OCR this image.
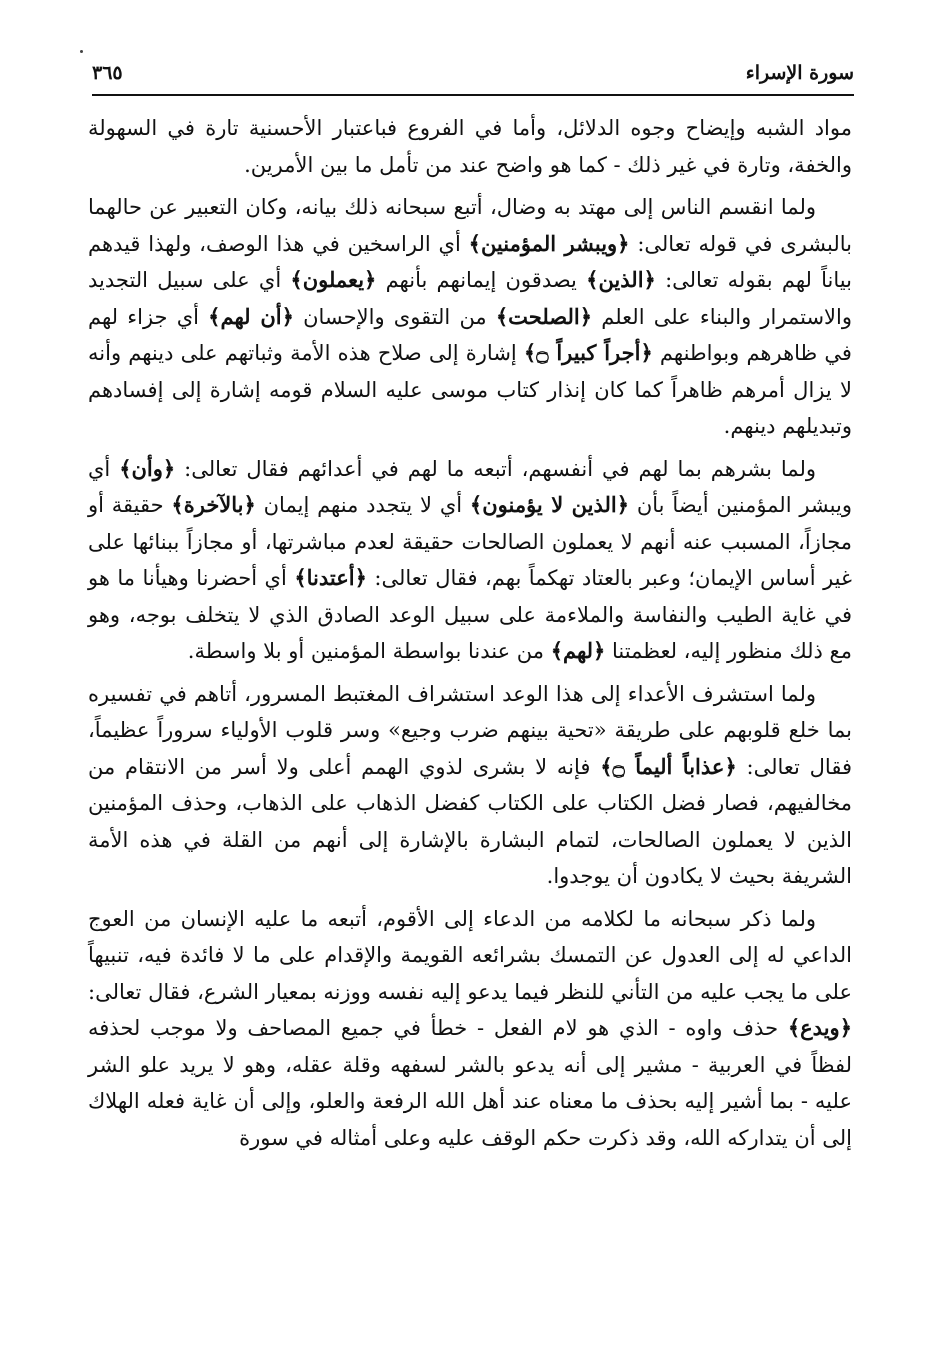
سورة الإسراء
٣٦٥

مواد الشبه وإيضاح وجوه الدلائل، وأما في الفروع فباعتبار الأحسنية تارة في السهولة والخفة، وتارة في غير ذلك - كما هو واضح عند من تأمل ما بين الأمرين.

ولما انقسم الناس إلى مهتد به وضال، أتبع سبحانه ذلك بيانه، وكان التعبير عن حالهما بالبشرى في قوله تعالى: ﴿ويبشر المؤمنين﴾ أي الراسخين في هذا الوصف، ولهذا قيدهم بياناً لهم بقوله تعالى: ﴿الذين﴾ يصدقون إيمانهم بأنهم ﴿يعملون﴾ أي على سبيل التجديد والاستمرار والبناء على العلم ﴿الصلحت﴾ من التقوى والإحسان ﴿أن لهم﴾ أي جزاء لهم في ظاهرهم وبواطنهم ﴿أجراً كبيراً ۝﴾ إشارة إلى صلاح هذه الأمة وثباتهم على دينهم وأنه لا يزال أمرهم ظاهراً كما كان إنذار كتاب موسى عليه السلام قومه إشارة إلى إفسادهم وتبديلهم دينهم.

ولما بشرهم بما لهم في أنفسهم، أتبعه ما لهم في أعدائهم فقال تعالى: ﴿وأن﴾ أي ويبشر المؤمنين أيضاً بأن ﴿الذين لا يؤمنون﴾ أي لا يتجدد منهم إيمان ﴿بالآخرة﴾ حقيقة أو مجازاً، المسبب عنه أنهم لا يعملون الصالحات حقيقة لعدم مباشرتها، أو مجازاً ببنائها على غير أساس الإيمان؛ وعبر بالعتاد تهكماً بهم، فقال تعالى: ﴿أعتدنا﴾ أي أحضرنا وهيأنا ما هو في غاية الطيب والنفاسة والملاءمة على سبيل الوعد الصادق الذي لا يتخلف بوجه، وهو مع ذلك منظور إليه، لعظمتنا ﴿لهم﴾ من عندنا بواسطة المؤمنين أو بلا واسطة.

ولما استشرف الأعداء إلى هذا الوعد استشراف المغتبط المسرور، أتاهم في تفسيره بما خلع قلوبهم على طريقة «تحية بينهم ضرب وجيع» وسر قلوب الأولياء سروراً عظيماً، فقال تعالى: ﴿عذاباً أليماً ۝﴾ فإنه لا بشرى لذوي الهمم أعلى ولا أسر من الانتقام من مخالفيهم، فصار فضل الكتاب على الكتاب كفضل الذهاب على الذهاب، وحذف المؤمنين الذين لا يعملون الصالحات، لتمام البشارة بالإشارة إلى أنهم من القلة في هذه الأمة الشريفة بحيث لا يكادون أن يوجدوا.

ولما ذكر سبحانه ما لكلامه من الدعاء إلى الأقوم، أتبعه ما عليه الإنسان من العوج الداعي له إلى العدول عن التمسك بشرائعه القويمة والإقدام على ما لا فائدة فيه، تنبيهاً على ما يجب عليه من التأني للنظر فيما يدعو إليه نفسه ووزنه بمعيار الشرع، فقال تعالى: ﴿ويدع﴾ حذف واوه - الذي هو لام الفعل - خطأ في جميع المصاحف ولا موجب لحذفه لفظاً في العربية - مشير إلى أنه يدعو بالشر لسفهه وقلة عقله، وهو لا يريد علو الشر عليه - بما أشير إليه بحذف ما معناه عند أهل الله الرفعة والعلو، وإلى أن غاية فعله الهلاك إلى أن يتداركه الله، وقد ذكرت حكم الوقف عليه وعلى أمثاله في سورة
